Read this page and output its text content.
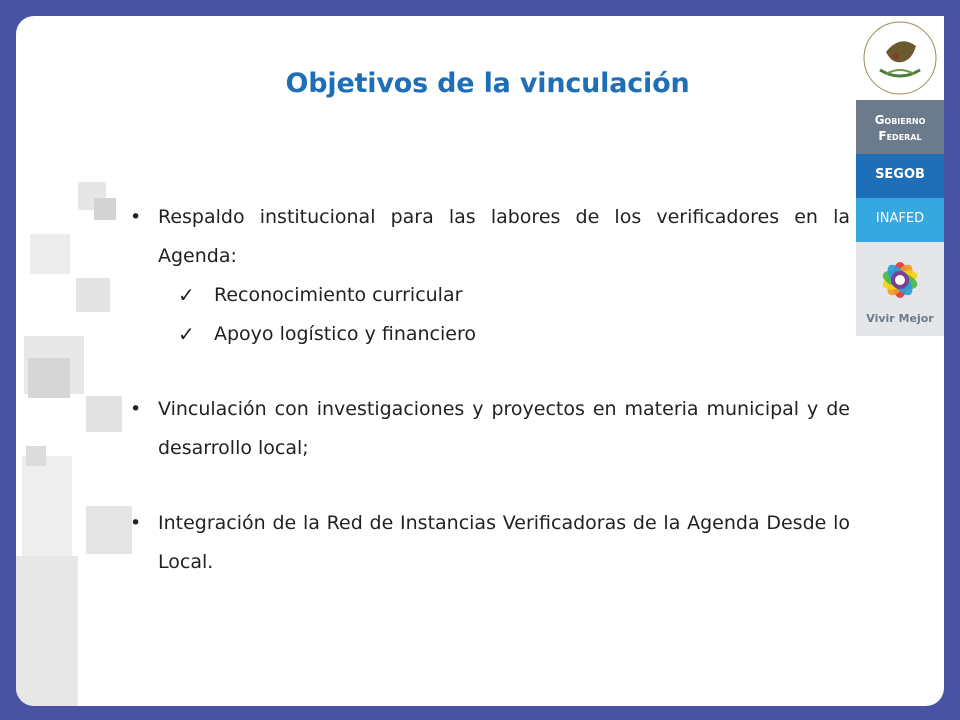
Objetivos de la vinculación

• Respaldo institucional para las labores de los verificadores en la Agenda:

✓ Reconocimiento curricular

✓ Apoyo logístico y financiero

• Vinculación con investigaciones y proyectos en materia municipal y de desarrollo local;

• Integración de la Red de Instancias Verificadoras de la Agenda Desde lo Local.

Gobierno
Federal
SEGOB
INAFED
Vivir Mejor
